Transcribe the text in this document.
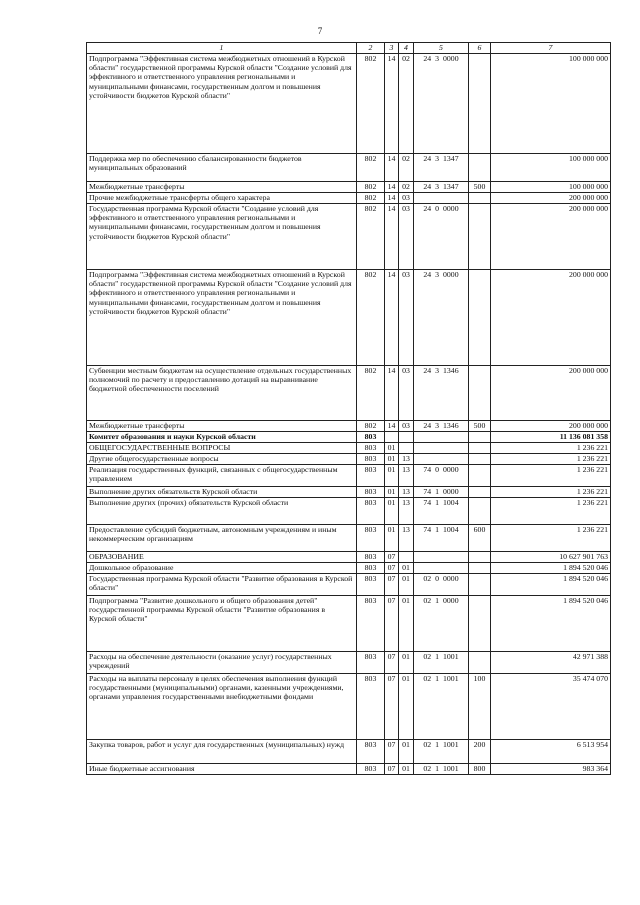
7
1	2	3	4	5	6	7
Подпрограмма "Эффективная система межбюджетных отношений в Курской области" государственной программы Курской области "Создание условий для эффективного и ответственного управления региональными и муниципальными финансами, государственным долгом и повышения устойчивости бюджетов Курской области"	802	14	02	24 3 0000		100 000 000
Поддержка мер по обеспечению сбалансированности бюджетов муниципальных образований	802	14	02	24 3 1347		100 000 000
Межбюджетные трансферты	802	14	02	24 3 1347	500	100 000 000
Прочие межбюджетные трансферты общего характера	802	14	03			200 000 000
Государственная программа Курской области "Создание условий для эффективного и ответственного управления региональными и муниципальными финансами, государственным долгом и повышения устойчивости бюджетов Курской области"	802	14	03	24 0 0000		200 000 000
Подпрограмма "Эффективная система межбюджетных отношений в Курской области" государственной программы Курской области "Создание условий для эффективного и ответственного управления региональными и муниципальными финансами, государственным долгом и повышения устойчивости бюджетов Курской области"	802	14	03	24 3 0000		200 000 000
Субвенции местным бюджетам на осуществление отдельных государственных полномочий по расчету и предоставлению дотаций на выравнивание бюджетной обеспеченности поселений	802	14	03	24 3 1346		200 000 000
Межбюджетные трансферты	802	14	03	24 3 1346	500	200 000 000
Комитет образования и науки Курской области	803					11 136 081 358
ОБЩЕГОСУДАРСТВЕННЫЕ ВОПРОСЫ	803	01				1 236 221
Другие общегосударственные вопросы	803	01	13			1 236 221
Реализация государственных функций, связанных с общегосударственным управлением	803	01	13	74 0 0000		1 236 221
Выполнение других обязательств Курской области	803	01	13	74 1 0000		1 236 221
Выполнение других (прочих) обязательств Курской области	803	01	13	74 1 1004		1 236 221
Предоставление субсидий бюджетным, автономным учреждениям и иным некоммерческим организациям	803	01	13	74 1 1004	600	1 236 221
ОБРАЗОВАНИЕ	803	07				10 627 901 763
Дошкольное образование	803	07	01			1 894 520 046
Государственная программа Курской области "Развитие образования в Курской области"	803	07	01	02 0 0000		1 894 520 046
Подпрограмма "Развитие дошкольного и общего образования детей" государственной программы Курской области "Развитие образования в Курской области"	803	07	01	02 1 0000		1 894 520 046
Расходы на обеспечение деятельности (оказание услуг) государственных учреждений	803	07	01	02 1 1001		42 971 388
Расходы на выплаты персоналу в целях обеспечения выполнения функций государственными (муниципальными) органами, казенными учреждениями, органами управления государственными внебюджетными фондами	803	07	01	02 1 1001	100	35 474 070
Закупка товаров, работ и услуг для государственных (муниципальных) нужд	803	07	01	02 1 1001	200	6 513 954
Иные бюджетные ассигнования	803	07	01	02 1 1001	800	983 364
